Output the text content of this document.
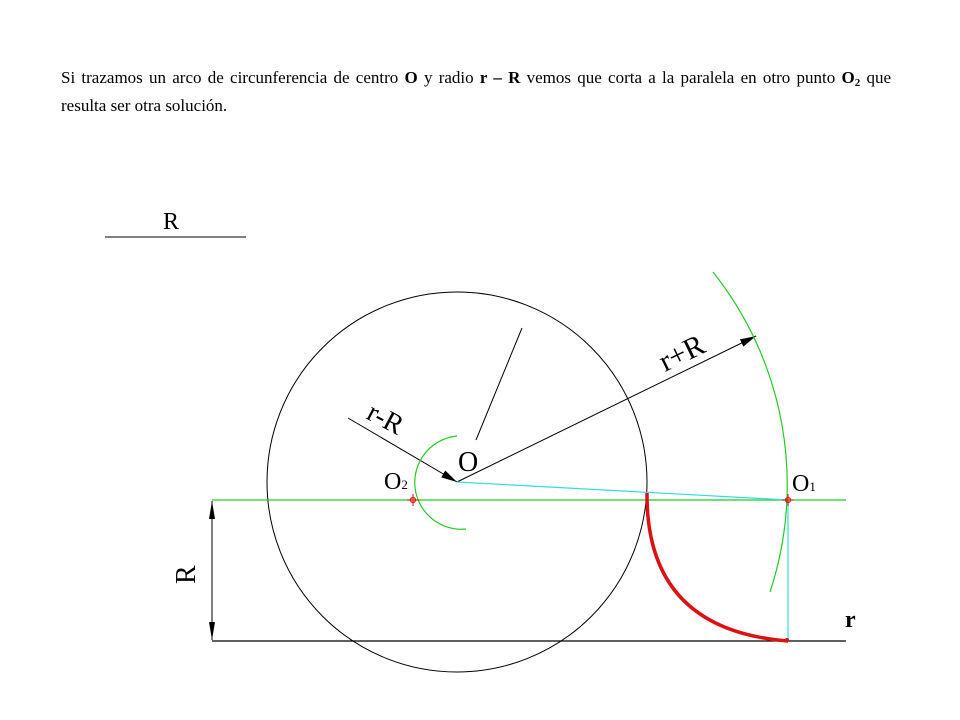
Si trazamos un arco de circunferencia de centro O y radio r – R vemos que corta a la paralela en otro punto $O_2$ que resulta ser otra solución.
R
r+R
r-R
O
r
R
O2	O1
